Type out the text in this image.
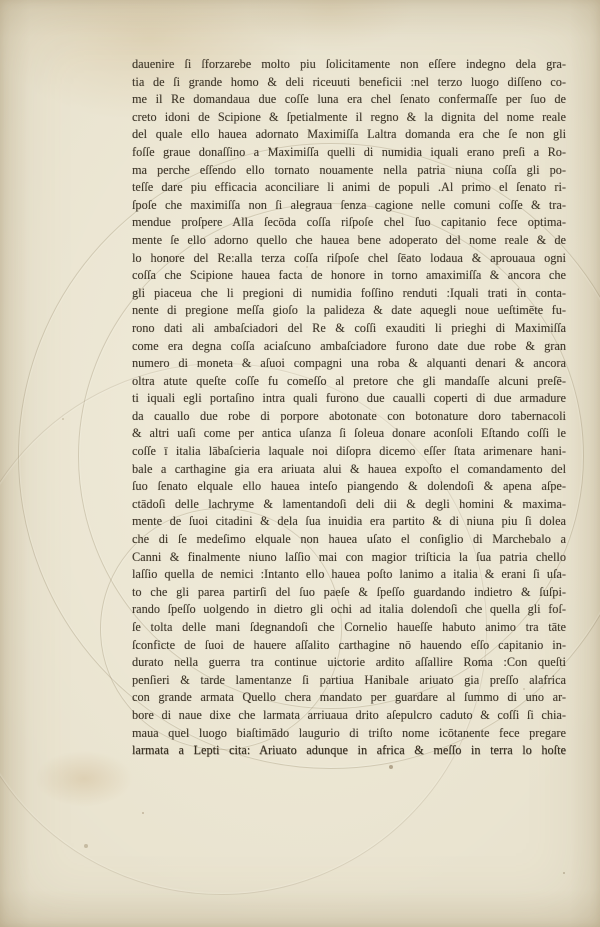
dauenire ſi ſforzarebe molto piu ſolicitamente non eſſere indegno dela gra-
tia de ſi grande homo & deli riceuuti beneficii :nel terzo luogo diſſeno co-
me il Re domandaua due coſſe luna era chel ſenato confermaſſe per ſuo de
creto idoni de Scipione & ſpetialmente il regno & la dignita del nome reale
del quale ello hauea adornato Maximiſſa Laltra domanda era che ſe non gli
foſſe graue donaſſino a Maximiſſa quelli di numidia iquali erano preſi a Ro-
ma perche eſſendo ello tornato nouamente nella patria niuna coſſa gli po-
teſſe dare piu efficacia aconciliare li animi de populi .Al primo el ſenato ri-
ſpoſe che maximiſſa non ſi alegraua ſenza cagione nelle comuni coſſe & tra-
mendue proſpere Alla ſecōda coſſa riſpoſe chel ſuo capitanio fece optima-
mente ſe ello adorno quello che hauea bene adoperato del nome reale & de
lo honore del Re:alla terza coſſa riſpoſe chel ſēato lodaua & aprouaua ogni
coſſa che Scipione hauea facta de honore in torno amaximiſſa & ancora che
gli piaceua che li pregioni di numidia foſſino renduti :Iquali trati in conta-
nente di pregione meſſa gioſo la palideza & date aquegli noue ueſtimēte fu-
rono dati ali ambaſciadori del Re & coſſi exauditi li prieghi di Maximiſſa
come era degna coſſa aciaſcuno ambaſciadore furono date due robe & gran
numero di moneta & aſuoi compagni una roba & alquanti denari & ancora
oltra atute queſte coſſe fu comeſſo al pretore che gli mandaſſe alcuni preſē-
ti iquali egli portaſino intra quali furono due caualli coperti di due armadure
da cauallo due robe di porpore abotonate con botonature doro tabernacoli
& altri uaſi come per antica uſanza ſi ſoleua donare aconſoli Eſtando coſſi le
coſſe ī italia lābaſcieria laquale noi diſopra dicemo eſſer ſtata arimenare hani-
bale a carthagine gia era ariuata alui & hauea expoſto el comandamento del
ſuo ſenato elquale ello hauea inteſo piangendo & dolendoſi & apena aſpe-
ctādoſi delle lachryme & lamentandoſi deli dii & degli homini & maxima-
mente de ſuoi citadini & dela ſua inuidia era partito & di niuna piu ſi dolea
che di ſe medeſimo elquale non hauea uſato el conſiglio di Marchebalo a
Canni & finalmente niuno laſſio mai con magior triſticia la ſua patria chello
laſſio quella de nemici :Intanto ello hauea poſto lanimo a italia & erani ſi uſa-
to che gli parea partirſi del ſuo paeſe & ſpeſſo guardando indietro & ſuſpi-
rando ſpeſſo uolgendo in dietro gli ochi ad italia dolendoſi che quella gli foſ-
ſe tolta delle mani ſdegnandoſi che Cornelio haueſſe habuto animo tra tāte
ſconficte de ſuoi de hauere aſſalito carthagine nō hauendo eſſo capitanio in-
durato nella guerra tra continue uictorie ardito aſſallire Roma :Con queſti
penſieri & tarde lamentanze ſi partiua Hanibale ariuato gia preſſo alafrica
con grande armata Quello chera mandato per guardare al ſummo di uno ar-
bore di naue dixe che larmata arriuaua drito aſepulcro caduto & coſſi ſi chia-
maua quel luogo biaſtimādo laugurio di triſto nome icōtanente fece pregare
larmata a Lepti cita: Ariuato adunque in africa & meſſo in terra lo hoſte
